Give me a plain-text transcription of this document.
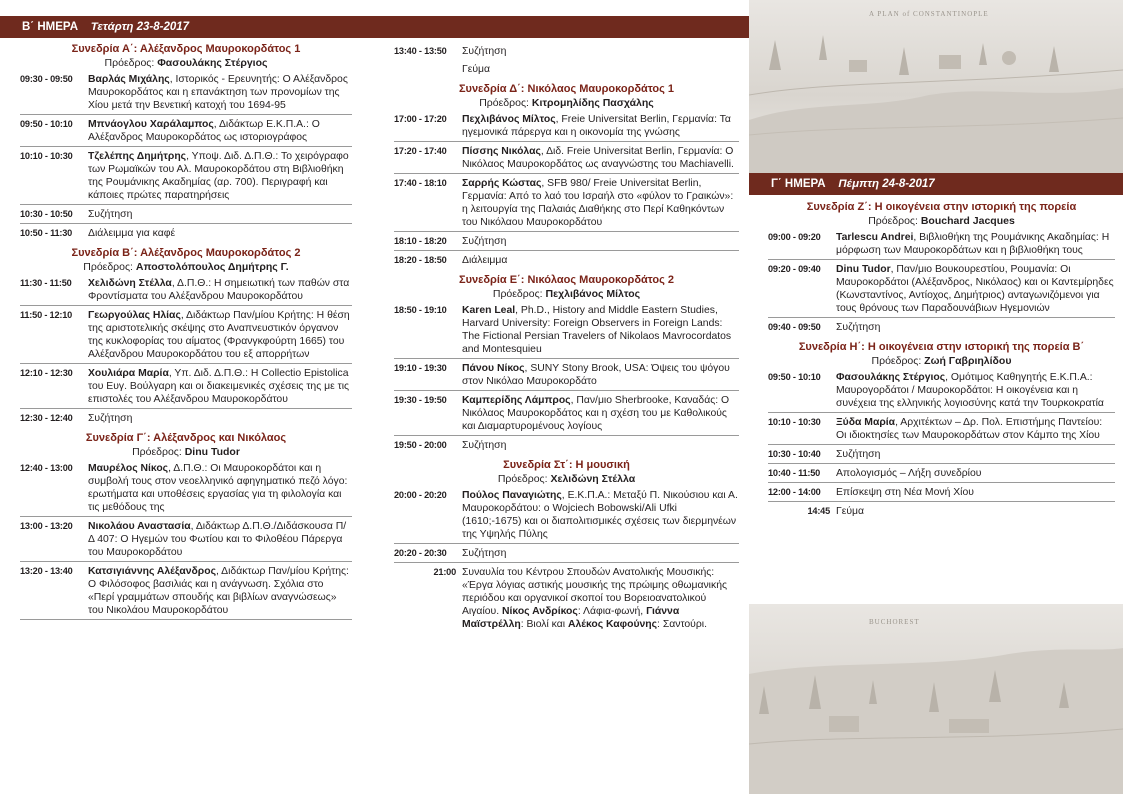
Β΄ ΗΜΕΡΑ Τετάρτη 23-8-2017
A PLAN of CONSTANTINOPLE
Γ΄ ΗΜΕΡΑ Πέμπτη 24-8-2017
BUCHOREST
Συνεδρία Α΄: Αλέξανδρος Μαυροκορδάτος 1
Πρόεδρος: Φασουλάκης Στέργιος
09:30 - 09:50	Βαρλάς Μιχάλης, Ιστορικός - Ερευνητής: Ο Αλέξανδρος Μαυροκορδάτος και η επανάκτηση των προνομίων της Χίου μετά την Βενετική κατοχή του 1694-95
09:50 - 10:10	Μπνάογλου Χαράλαμπος, Διδάκτωρ Ε.Κ.Π.Α.: Ο Αλέξανδρος Μαυροκορδάτος ως ιστοριογράφος
10:10 - 10:30	Τζελέπης Δημήτρης, Υποψ. Διδ. Δ.Π.Θ.: Το χειρόγραφο των Ρωμαϊκών του Αλ. Μαυροκορδάτου στη Βιβλιοθήκη της Ρουμάνικης Ακαδημίας (αρ. 700). Περιγραφή και κάποιες πρώτες παρατηρήσεις
10:30 - 10:50	Συζήτηση
10:50 - 11:30	Διάλειμμα για καφέ
Συνεδρία Β΄: Αλέξανδρος Μαυροκορδάτος 2
Πρόεδρος: Αποστολόπουλος Δημήτρης Γ.
11:30 - 11:50	Χελιδώνη Στέλλα, Δ.Π.Θ.: Η σημειωτική των παθών στα Φροντίσματα του Αλέξανδρου Μαυροκορδάτου
11:50 - 12:10	Γεωργούλας Ηλίας, Διδάκτωρ Παν/μίου Κρήτης: Η θέση της αριστοτελικής σκέψης στο Αναπνευστικόν όργανον της κυκλοφορίας του αίματος (Φρανγκφούρτη 1665) του Αλέξανδρου Μαυροκορδάτου του εξ απορρήτων
12:10 - 12:30	Χουλιάρα Μαρία, Υπ. Διδ. Δ.Π.Θ.: Η Collectio Epistolica του Ευγ. Βούλγαρη και οι διακειμενικές σχέσεις της με τις επιστολές του Αλέξανδρου Μαυροκορδάτου
12:30 - 12:40	Συζήτηση
Συνεδρία Γ΄: Αλέξανδρος και Νικόλαος
Πρόεδρος: Dinu Tudor
12:40 - 13:00	Μαυρέλος Νίκος, Δ.Π.Θ.: Οι Μαυροκορδάτοι και η συμβολή τους στον νεοελληνικό αφηγηματικό πεζό λόγο: ερωτήματα και υποθέσεις εργασίας για τη φιλολογία και τις μεθόδους της
13:00 - 13:20	Νικολάου Αναστασία, Διδάκτωρ Δ.Π.Θ./Διδάσκουσα Π/Δ 407: Ο Ηγεμών του Φωτίου και το Φιλοθέου Πάρεργα του Μαυροκορδάτου
13:20 - 13:40	Κατσιγιάννης Αλέξανδρος, Διδάκτωρ Παν/μίου Κρήτης: Ο Φιλόσοφος βασιλιάς και η ανάγνωση. Σχόλια στο «Περί γραμμάτων σπουδής και βιβλίων αναγνώσεως» του Νικολάου Μαυροκορδάτου
13:40 - 13:50	Συζήτηση
Γεύμα
Συνεδρία Δ΄: Νικόλαος Μαυροκορδάτος 1
Πρόεδρος: Κιτρομηλίδης Πασχάλης
17:00 - 17:20	Πεχλιβάνος Μίλτος, Freie Universitat Berlin, Γερμανία: Τα ηγεμονικά πάρεργα και η οικονομία της γνώσης
17:20 - 17:40	Πίσσης Νικόλας, Διδ. Freie Universitat Berlin, Γερμανία: Ο Νικόλαος Μαυροκορδάτος ως αναγνώστης του Machiavelli.
17:40 - 18:10	Σαρρής Κώστας, SFB 980/ Freie Universitat Berlin, Γερμανία: Από το λαό του Ισραήλ στο «φύλον το Γραικών»: η λειτουργία της Παλαιάς Διαθήκης στο Περί Καθηκόντων του Νικόλαου Μαυροκορδάτου
18:10 - 18:20	Συζήτηση
18:20 - 18:50	Διάλειμμα
Συνεδρία Ε΄: Νικόλαος Μαυροκορδάτος 2
Πρόεδρος: Πεχλιβάνος Μίλτος
18:50 - 19:10	Karen Leal, Ph.D., History and Middle Eastern Studies, Harvard University: Foreign Observers in Foreign Lands: The Fictional Persian Travelers of Nikolaos Mavrocordatos and Montesquieu
19:10 - 19:30	Πάνου Νίκος, SUNY Stony Brook, USA: Όψεις του ψόγου στον Νικόλαο Μαυροκορδάτο
19:30 - 19:50	Καμπερίδης Λάμπρος, Παν/μιο Sherbrooke, Καναδάς: Ο Νικόλαος Μαυροκορδάτος και η σχέση του με Καθολικούς και Διαμαρτυρομένους λογίους
19:50 - 20:00	Συζήτηση
Συνεδρία Στ΄: Η μουσική
Πρόεδρος: Χελιδώνη Στέλλα
20:00 - 20:20	Πούλος Παναγιώτης, Ε.Κ.Π.Α.: Μεταξύ Π. Νικούσιου και Α. Μαυροκορδάτου: ο Wojciech Bobowski/Ali Ufki (1610;-1675) και οι διαπολιτισμικές σχέσεις των διερμηνέων της Υψηλής Πύλης
20:20 - 20:30	Συζήτηση
21:00 Συναυλία του Κέντρου Σπουδών Ανατολικής Μουσικής: «Έργα λόγιας αστικής μουσικής της πρώιμης οθωμανικής περιόδου και οργανικοί σκοποί του Βορειοανατολικού Αιγαίου. Νίκος Ανδρίκος: Λάφια-φωνή, Γιάννα Μαϊστρέλλη: Βιολί και Αλέκος Καφούνης: Σαντούρι.
Συνεδρία Ζ΄: Η οικογένεια στην ιστορική της πορεία
Πρόεδρος: Bouchard Jacques
09:00 - 09:20	Tarlescu Andrei, Βιβλιοθήκη της Ρουμάνικης Ακαδημίας: Η μόρφωση των Μαυροκορδάτων και η βιβλιοθήκη τους
09:20 - 09:40	Dinu Tudor, Παν/μιο Βουκουρεστίου, Ρουμανία: Οι Μαυροκορδάτοι (Αλέξανδρος, Νικόλαος) και οι Καντεμίρηδες (Κωνσταντίνος, Αντίοχος, Δημήτριος) ανταγωνιζόμενοι για τους θρόνους των Παραδουνάβιων Ηγεμονιών
09:40 - 09:50	Συζήτηση
Συνεδρία Η΄: Η οικογένεια στην ιστορική της πορεία Β΄
Πρόεδρος: Ζωή Γαβριηλίδου
09:50 - 10:10	Φασουλάκης Στέργιος, Ομότιμος Καθηγητής Ε.Κ.Π.Α.: Μαυρογορδάτοι / Μαυροκορδάτοι: Η οικογένεια και η συνέχεια της ελληνικής λογιοσύνης κατά την Τουρκοκρατία
10:10 - 10:30	Ξύδα Μαρία, Αρχιτέκτων – Δρ. Πολ. Επιστήμης Παντείου: Οι ιδιοκτησίες των Μαυροκορδάτων στον Κάμπο της Χίου
10:30 - 10:40	Συζήτηση
10:40 - 11:50	Απολογισμός – Λήξη συνεδρίου
12:00 - 14:00	Επίσκεψη στη Νέα Μονή Χίου
14:45 Γεύμα
